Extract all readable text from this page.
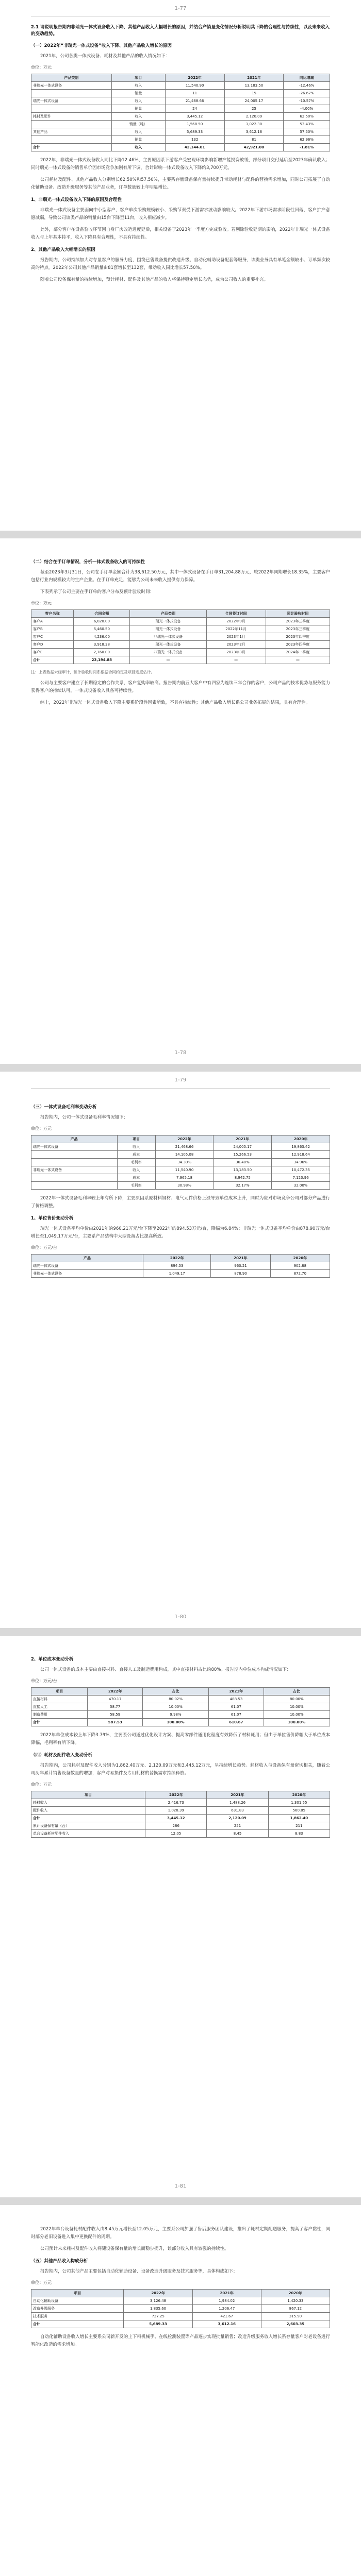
1-77
2.1 请说明报告期内非瑞光一体式设备收入下降、其他产品收入大幅增长的原因，并结合产销量变化情况分析说明其下降的合理性与持续性，以及未来收入的变动趋势。
（一）2022年“非瑞光一体式设备”收入下降、其他产品收入增长的原因

2021年，公司各类一体式设备、耗材及其他产品的收入情况如下：

单位：万元
产品类别	项目	2022年	2021年	同比增减
非瑞光一体式设备	收入	11,540.90	13,183.50	-12.46%
	销量	11	15	-26.67%
瑞光一体式设备	收入	21,468.66	24,005.17	-10.57%
	销量	24	25	-4.00%
耗材及配件	收入	3,445.12	2,120.09	62.50%
	销量（吨）	1,568.50	1,022.30	53.43%
其他产品	收入	5,689.33	3,612.16	57.50%
	销量	132	81	62.96%
合计	收入	42,144.01	42,921.00	-1.81%

2022年，非瑞光一体式设备收入同比下降12.46%，主要原因系下游客户受宏观环境影响新增产能投资放缓，部分项目交付延后至2023年确认收入；同时瑞光一体式设备的销售单价因市场竞争加剧有所下调，合计影响一体式设备收入下降约3,700万元。

公司耗材及配件、其他产品收入分别增长62.50%和57.50%，主要系存量设备保有量持续提升带动耗材与配件的替换需求增加，同时公司拓展了自动化辅助设备、改造升级服务等其他产品业务，订单数量较上年明显增长。

1、非瑞光一体式设备收入下降的原因及合理性

非瑞光一体式设备主要面向中小型客户，客户单次采购规模较小、采购节奏受下游需求波动影响较大。2022年下游市场需求阶段性回落，客户扩产意愿减弱，导致公司该类产品的销量由15台下降至11台，收入相应减少。

此外，部分客户在设备验收环节因自身厂房改造进度延后，相关设备于2023年一季度方完成验收。若剔除验收延期的影响，2022年非瑞光一体式设备收入与上年基本持平，收入下降具有合理性，不具有持续性。

2、其他产品收入大幅增长的原因

报告期内，公司持续加大对存量客户的服务力度，围绕已售设备提供改造升级、自动化辅助设备配套等服务，该类业务具有单笔金额较小、订单频次较高的特点。2022年公司其他产品销量由81套增长至132套，带动收入同比增长57.50%。

随着公司设备保有量的持续增加，预计耗材、配件及其他产品的收入将保持稳定增长态势，成为公司收入的重要补充。

（二）结合在手订单情况，分析一体式设备收入的可持续性

截至2023年3月31日，公司在手订单金额合计为38,612.50万元，其中一体式设备在手订单31,204.88万元，较2022年同期增长18.35%，主要客户包括行业内规模较大的生产企业。在手订单充足，能够为公司未来收入提供有力保障。

下表列示了公司主要在手订单的客户分布及预计验收时间：

单位：万元
客户名称	合同金额	产品类别	合同签订时间	预计验收时间
客户A	6,820.00	瑞光一体式设备	2022年9月	2023年三季度
客户B	5,460.50	瑞光一体式设备	2022年11月	2023年三季度
客户C	4,236.00	非瑞光一体式设备	2023年1月	2023年四季度
客户D	3,918.38	瑞光一体式设备	2023年2月	2023年四季度
客户E	2,760.00	非瑞光一体式设备	2023年3月	2024年一季度
合计	23,194.88	—	—	—
注：上表数据未经审计，预计验收时间系根据合同约定及项目进度估计。

公司与主要客户建立了长期稳定的合作关系，客户复购率较高。报告期内前五大客户中有四家为连续三年合作的客户，公司产品的技术优势与服务能力获得客户的持续认可，一体式设备收入具备可持续性。

综上，2022年非瑞光一体式设备收入下降主要系阶段性因素所致，不具有持续性；其他产品收入增长系公司业务拓展的结果，具有合理性。

1-78
1-79
（三）一体式设备毛利率变动分析

报告期内，公司一体式设备毛利率情况如下：

单位：万元
产品	项目	2022年	2021年	2020年
瑞光一体式设备	收入	21,468.66	24,005.17	19,863.42
	成本	14,105.08	15,266.53	12,918.64
	毛利率	34.30%	36.40%	34.96%
非瑞光一体式设备	收入	11,540.90	13,183.50	10,472.35
	成本	7,965.18	8,942.75	7,120.96
	毛利率	30.98%	32.17%	32.00%

2022年一体式设备毛利率较上年有所下降，主要原因系原材料钢材、电气元件价格上涨导致单位成本上升，同时为应对市场竞争公司对部分产品进行了价格调整。

1、单位售价变动分析

瑞光一体式设备平均单价由2021年的960.21万元/台下降至2022年的894.53万元/台，降幅为6.84%；非瑞光一体式设备平均单价由878.90万元/台增长至1,049.17万元/台，主要系产品结构中大型设备占比提高所致。

单位：万元/台
产品	2022年	2021年	2020年
瑞光一体式设备	894.53	960.21	902.88
非瑞光一体式设备	1,049.17	878.90	872.70
1-80
2、单位成本变动分析

公司一体式设备的成本主要由直接材料、直接人工及制造费用构成，其中直接材料占比约80%。报告期内单位成本构成情况如下：

单位：万元/台
项目	2022年	占比	2021年	占比
直接材料	470.17	80.02%	488.53	80.00%
直接人工	58.77	10.00%	61.07	10.00%
制造费用	58.59	9.98%	61.07	10.00%
合计	587.53	100.00%	610.67	100.00%

2022年单位成本较上年下降3.79%，主要系公司通过优化设计方案、提高零部件通用化程度有效降低了材料耗用；但由于单位售价降幅大于单位成本降幅，毛利率有所下降。

（四）耗材及配件收入变动分析

报告期内，公司耗材及配件收入分别为1,862.40万元、2,120.09万元和3,445.12万元，呈持续增长趋势。耗材收入与设备保有量密切相关，随着公司历年累计销售设备数量的增加，客户对易损件及专用耗材的替换需求持续释放。

单位：万元
项目	2022年	2021年	2020年
耗材收入	2,416.73	1,488.26	1,301.55
配件收入	1,028.39	631.83	560.85
合计	3,445.12	2,120.09	1,862.40
累计设备保有量（台）	286	251	211
单台设备耗材配件收入	12.05	8.45	8.83
1-81

2022年单台设备耗材配件收入由8.45万元增长至12.05万元，主要系公司加强了售后服务团队建设，推出了耗材定期配送服务，提高了客户黏性，同时部分老旧设备进入集中更换配件的周期。

公司预计未来耗材及配件收入将随设备保有量的增长而稳步提升，该部分收入具有较强的持续性。

（五）其他产品收入构成分析

报告期内，公司其他产品主要包括自动化辅助设备、设备改造升级服务及技术服务等，具体构成如下：

单位：万元
项目	2022年	2021年	2020年
自动化辅助设备	3,126.48	1,984.02	1,420.33
改造升级服务	1,835.60	1,206.47	867.12
技术服务	727.25	421.67	315.90
合计	5,689.33	3,612.16	2,603.35

自动化辅助设备收入增长主要系公司新开发的上下料机械手、在线检测装置等产品逐步实现批量销售；改造升级服务收入增长系存量客户对老设备进行智能化改造的需求增加。
